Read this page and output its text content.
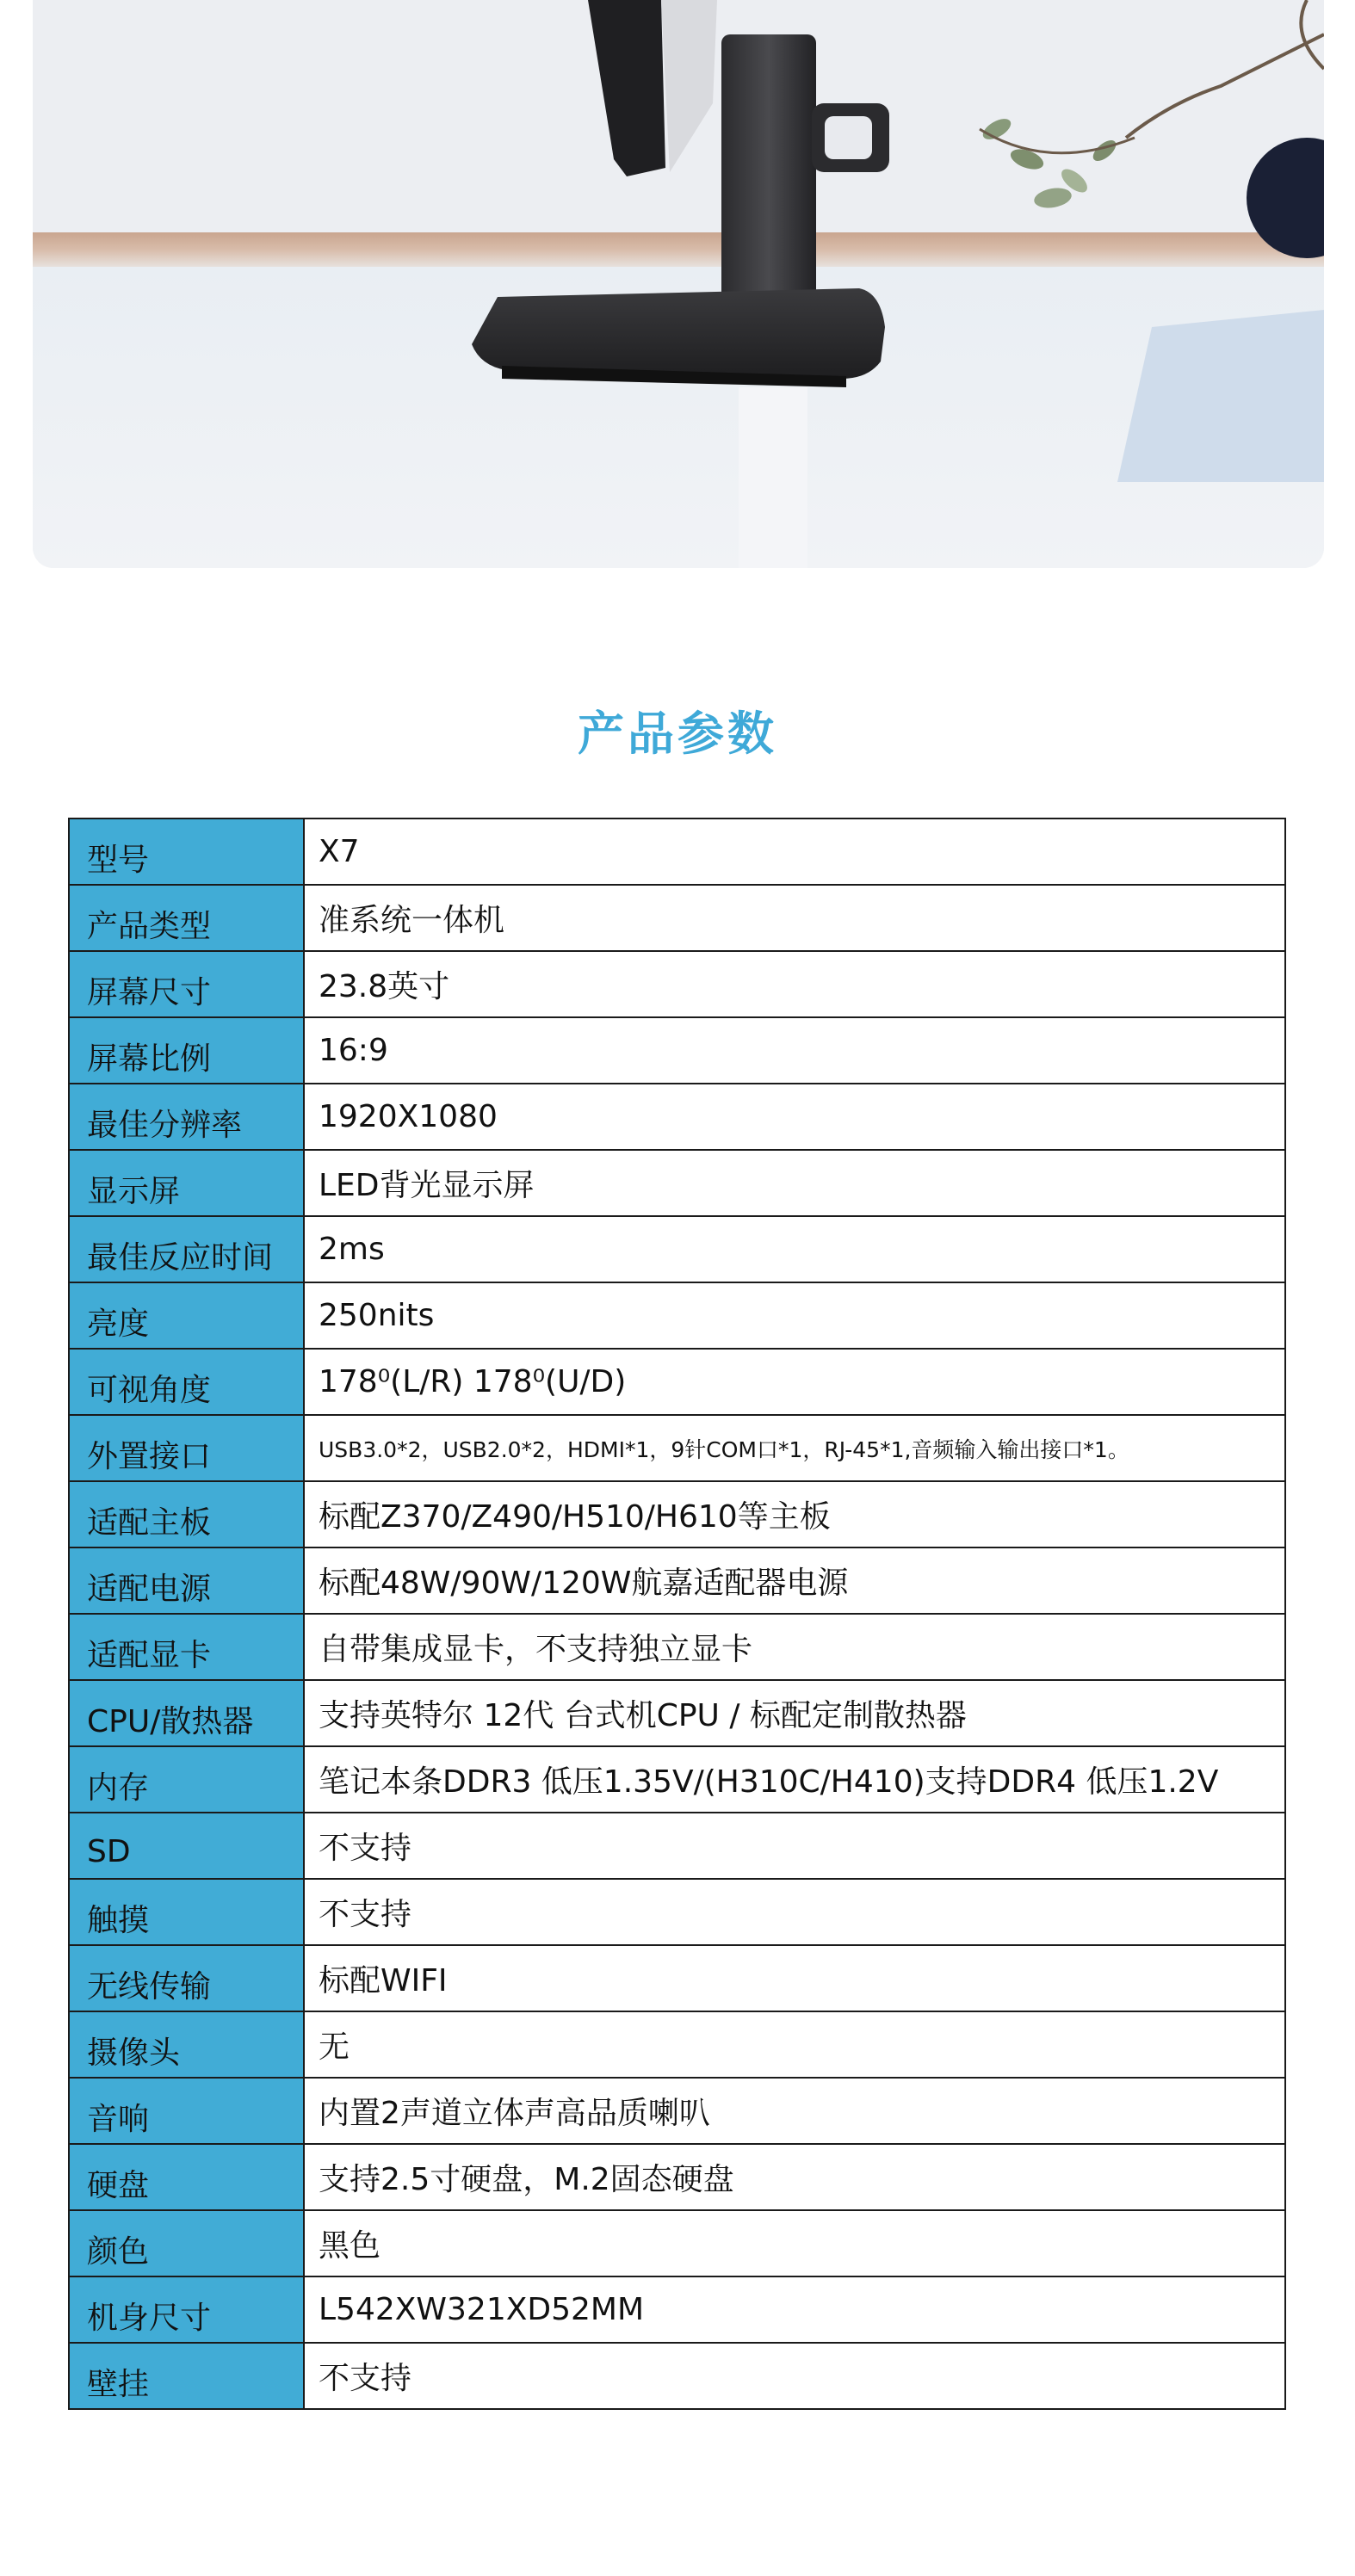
产品参数
型号	X7
产品类型	准系统一体机
屏幕尺寸	23.8英寸
屏幕比例	16:9
最佳分辨率	1920X1080
显示屏	LED背光显示屏
最佳反应时间	2ms
亮度	250nits
可视角度	178⁰(L/R) 178⁰(U/D)
外置接口	USB3.0*2，USB2.0*2，HDMI*1，9针COM口*1，RJ-45*1,音频输入输出接口*1。
适配主板	标配Z370/Z490/H510/H610等主板
适配电源	标配48W/90W/120W航嘉适配器电源
适配显卡	自带集成显卡，不支持独立显卡
CPU/散热器	支持英特尔 12代 台式机CPU / 标配定制散热器
内存	笔记本条DDR3 低压1.35V/(H310C/H410)支持DDR4 低压1.2V
SD	不支持
触摸	不支持
无线传输	标配WIFI
摄像头	无
音响	内置2声道立体声高品质喇叭
硬盘	支持2.5寸硬盘，M.2固态硬盘
颜色	黑色
机身尺寸	L542XW321XD52MM
壁挂	不支持
